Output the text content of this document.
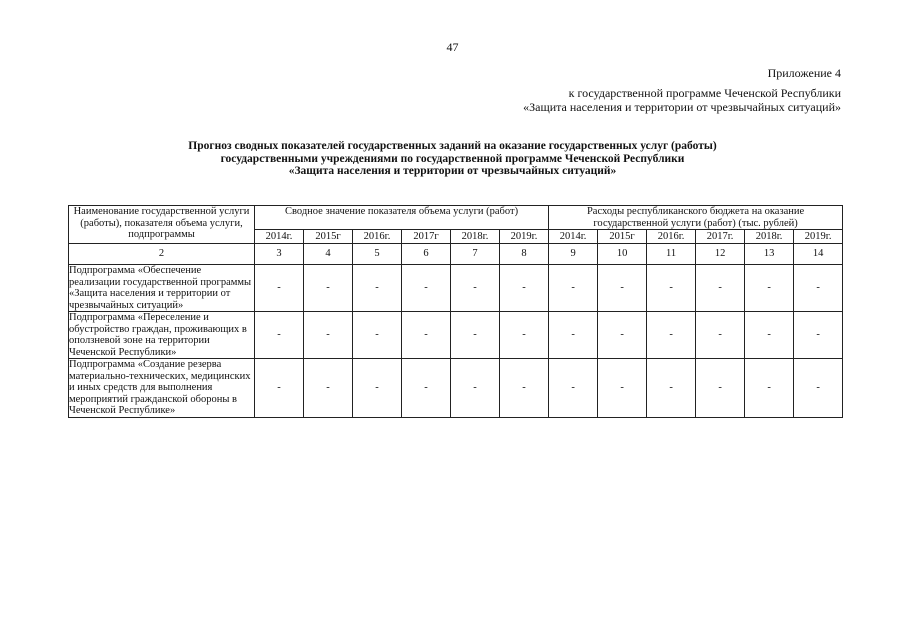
47
Приложение 4
к государственной программе Чеченской Республики
«Защита населения и территории от чрезвычайных ситуаций»
Прогноз сводных показателей государственных заданий на оказание государственных услуг (работы)
государственными учреждениями по государственной программе Чеченской Республики
«Защита населения и территории от чрезвычайных ситуаций»
Наименование государственной услуги (работы), показателя объема услуги, подпрограммы	Сводное значение показателя объема услуги (работ)						Расходы республиканского бюджета на оказание государственной услуги (работ) (тыс. рублей)					
	2014г.	2015г	2016г.	2017г	2018г.	2019г.	2014г.	2015г	2016г.	2017г.	2018г.	2019г.
2	3	4	5	6	7	8	9	10	11	12	13	14
Подпрограмма «Обеспечение реализации государственной программы «Защита населения и территории от чрезвычайных ситуаций»	-	-	-	-	-	-	-	-	-	-	-	-
Подпрограмма «Переселение и обустройство граждан, проживающих в оползневой зоне на территории Чеченской Республики»	-	-	-	-	-	-	-	-	-	-	-	-
Подпрограмма «Создание резерва материально-технических, медицинских и иных средств для выполнения мероприятий гражданской обороны в Чеченской Республике»	-	-	-	-	-	-	-	-	-	-	-	-
